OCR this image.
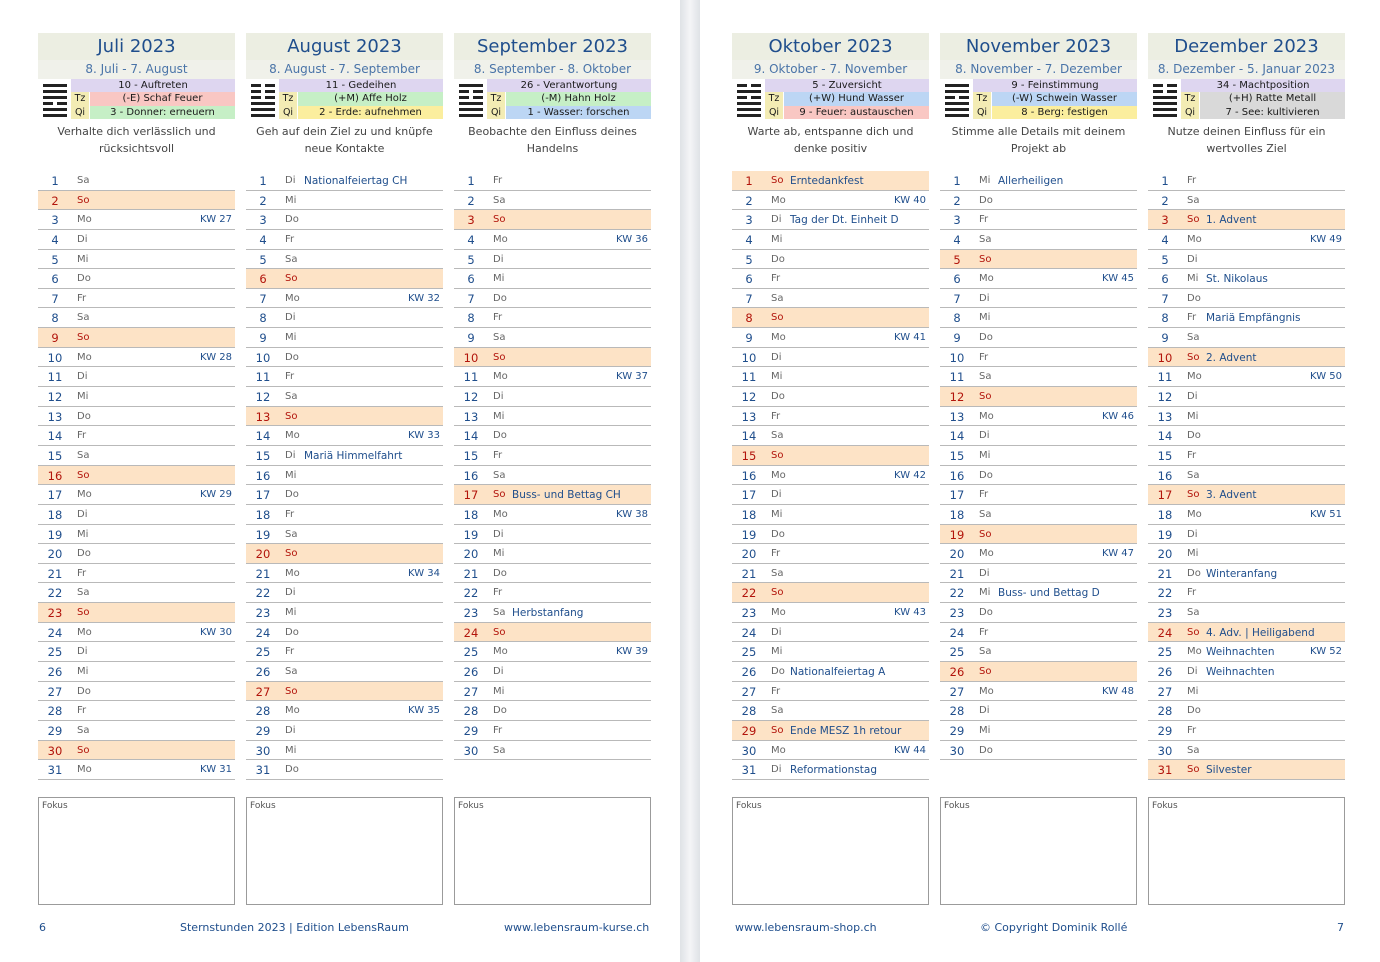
Juli 2023
8. Juli - 7. August
10 - Auftreten
Tz	(-E) Schaf Feuer
Qi	3 - Donner: erneuern
Verhalte dich verlässlich und rücksichtsvoll
1	Sa
2	So
3	Mo	KW 27
4	Di
5	Mi
6	Do
7	Fr
8	Sa
9	So
10 Mo	KW 28
11 Di
12 Mi
13 Do
14 Fr
15 Sa
16 So
17 Mo	KW 29
18 Di
19 Mi
20 Do
21 Fr
22 Sa
23 So
24 Mo	KW 30
25 Di
26 Mi
27 Do
28 Fr
29 Sa
30 So
31 Mo	KW 31
Fokus
August 2023
8. August - 7. September
11 - Gedeihen
Tz	(+M) Affe Holz
Qi	2 - Erde: aufnehmen
Geh auf dein Ziel zu und knüpfe neue Kontakte
1	Di Nationalfeiertag CH
2	Mi
3	Do
4	Fr
5	Sa
6	So
7	Mo	KW 32
8	Di
9	Mi
10 Do
11 Fr
12 Sa
13 So
14 Mo	KW 33
15 Di Mariä Himmelfahrt
16 Mi
17 Do
18 Fr
19 Sa
20 So
21 Mo	KW 34
22 Di
23 Mi
24 Do
25 Fr
26 Sa
27 So
28 Mo	KW 35
29 Di
30 Mi
31 Do
Fokus
September 2023
8. September - 8. Oktober
26 - Verantwortung
Tz	(-M) Hahn Holz
Qi	1 - Wasser: forschen
Beobachte den Einfluss deines Handelns
1	Fr
2	Sa
3	So
4	Mo	KW 36
5	Di
6	Mi
7	Do
8	Fr
9	Sa
10 So
11 Mo	KW 37
12 Di
13 Mi
14 Do
15 Fr
16 Sa
17 So Buss- und Bettag CH
18 Mo	KW 38
19 Di
20 Mi
21 Do
22 Fr
23 Sa Herbstanfang
24 So
25 Mo	KW 39
26 Di
27 Mi
28 Do
29 Fr
30 Sa
Fokus
6	Sternstunden 2023 | Edition LebensRaum	www.lebensraum-kurse.ch
Oktober 2023
9. Oktober - 7. November
5 - Zuversicht
Tz	(+W) Hund Wasser
Qi	9 - Feuer: austauschen
Warte ab, entspanne dich und denke positiv
1	So Erntedankfest
2	Mo	KW 40
3	Di Tag der Dt. Einheit D
4	Mi
5	Do
6	Fr
7	Sa
8	So
9	Mo	KW 41
10 Di
11 Mi
12 Do
13 Fr
14 Sa
15 So
16 Mo	KW 42
17 Di
18 Mi
19 Do
20 Fr
21 Sa
22 So
23 Mo	KW 43
24 Di
25 Mi
26 Do Nationalfeiertag A
27 Fr
28 Sa
29 So Ende MESZ 1h retour
30 Mo	KW 44
31 Di Reformationstag
Fokus
November 2023
8. November - 7. Dezember
9 - Feinstimmung
Tz	(-W) Schwein Wasser
Qi	8 - Berg: festigen
Stimme alle Details mit deinem Projekt ab
1	Mi Allerheiligen
2	Do
3	Fr
4	Sa
5	So
6	Mo	KW 45
7	Di
8	Mi
9	Do
10 Fr
11 Sa
12 So
13 Mo	KW 46
14 Di
15 Mi
16 Do
17 Fr
18 Sa
19 So
20 Mo	KW 47
21 Di
22 Mi Buss- und Bettag D
23 Do
24 Fr
25 Sa
26 So
27 Mo	KW 48
28 Di
29 Mi
30 Do
Fokus
Dezember 2023
8. Dezember - 5. Januar 2023
34 - Machtposition
Tz	(+H) Ratte Metall
Qi	7 - See: kultivieren
Nutze deinen Einfluss für ein wertvolles Ziel
1	Fr
2	Sa
3	So 1. Advent
4	Mo	KW 49
5	Di
6	Mi St. Nikolaus
7	Do
8	Fr Mariä Empfängnis
9	Sa
10 So 2. Advent
11 Mo	KW 50
12 Di
13 Mi
14 Do
15 Fr
16 Sa
17 So 3. Advent
18 Mo	KW 51
19 Di
20 Mi
21 Do Winteranfang
22 Fr
23 Sa
24 So 4. Adv. | Heiligabend
25 Mo Weihnachten	KW 52
26 Di Weihnachten
27 Mi
28 Do
29 Fr
30 Sa
31 So Silvester
Fokus
www.lebensraum-shop.ch	© Copyright Dominik Rollé	7
